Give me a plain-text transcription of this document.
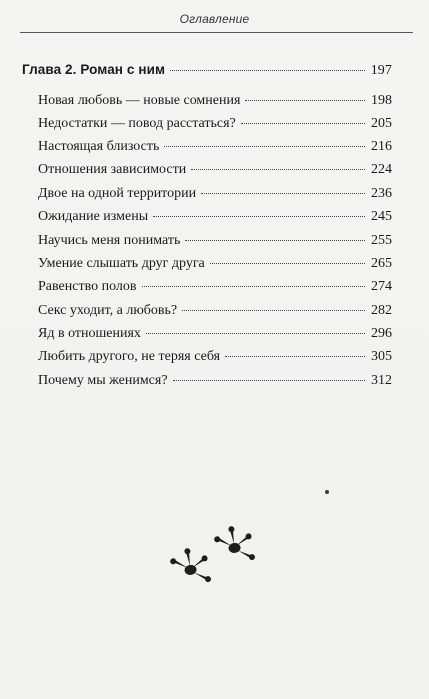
Оглавление
Глава 2. Роман с ним	197
Новая любовь — новые сомнения	198
Недостатки — повод расстаться?	205
Настоящая близость	216
Отношения зависимости	224
Двое на одной территории	236
Ожидание измены	245
Научись меня понимать	255
Умение слышать друг друга	265
Равенство полов	274
Секс уходит, а любовь?	282
Яд в отношениях	296
Любить другого, не теряя себя	305
Почему мы женимся?	312
